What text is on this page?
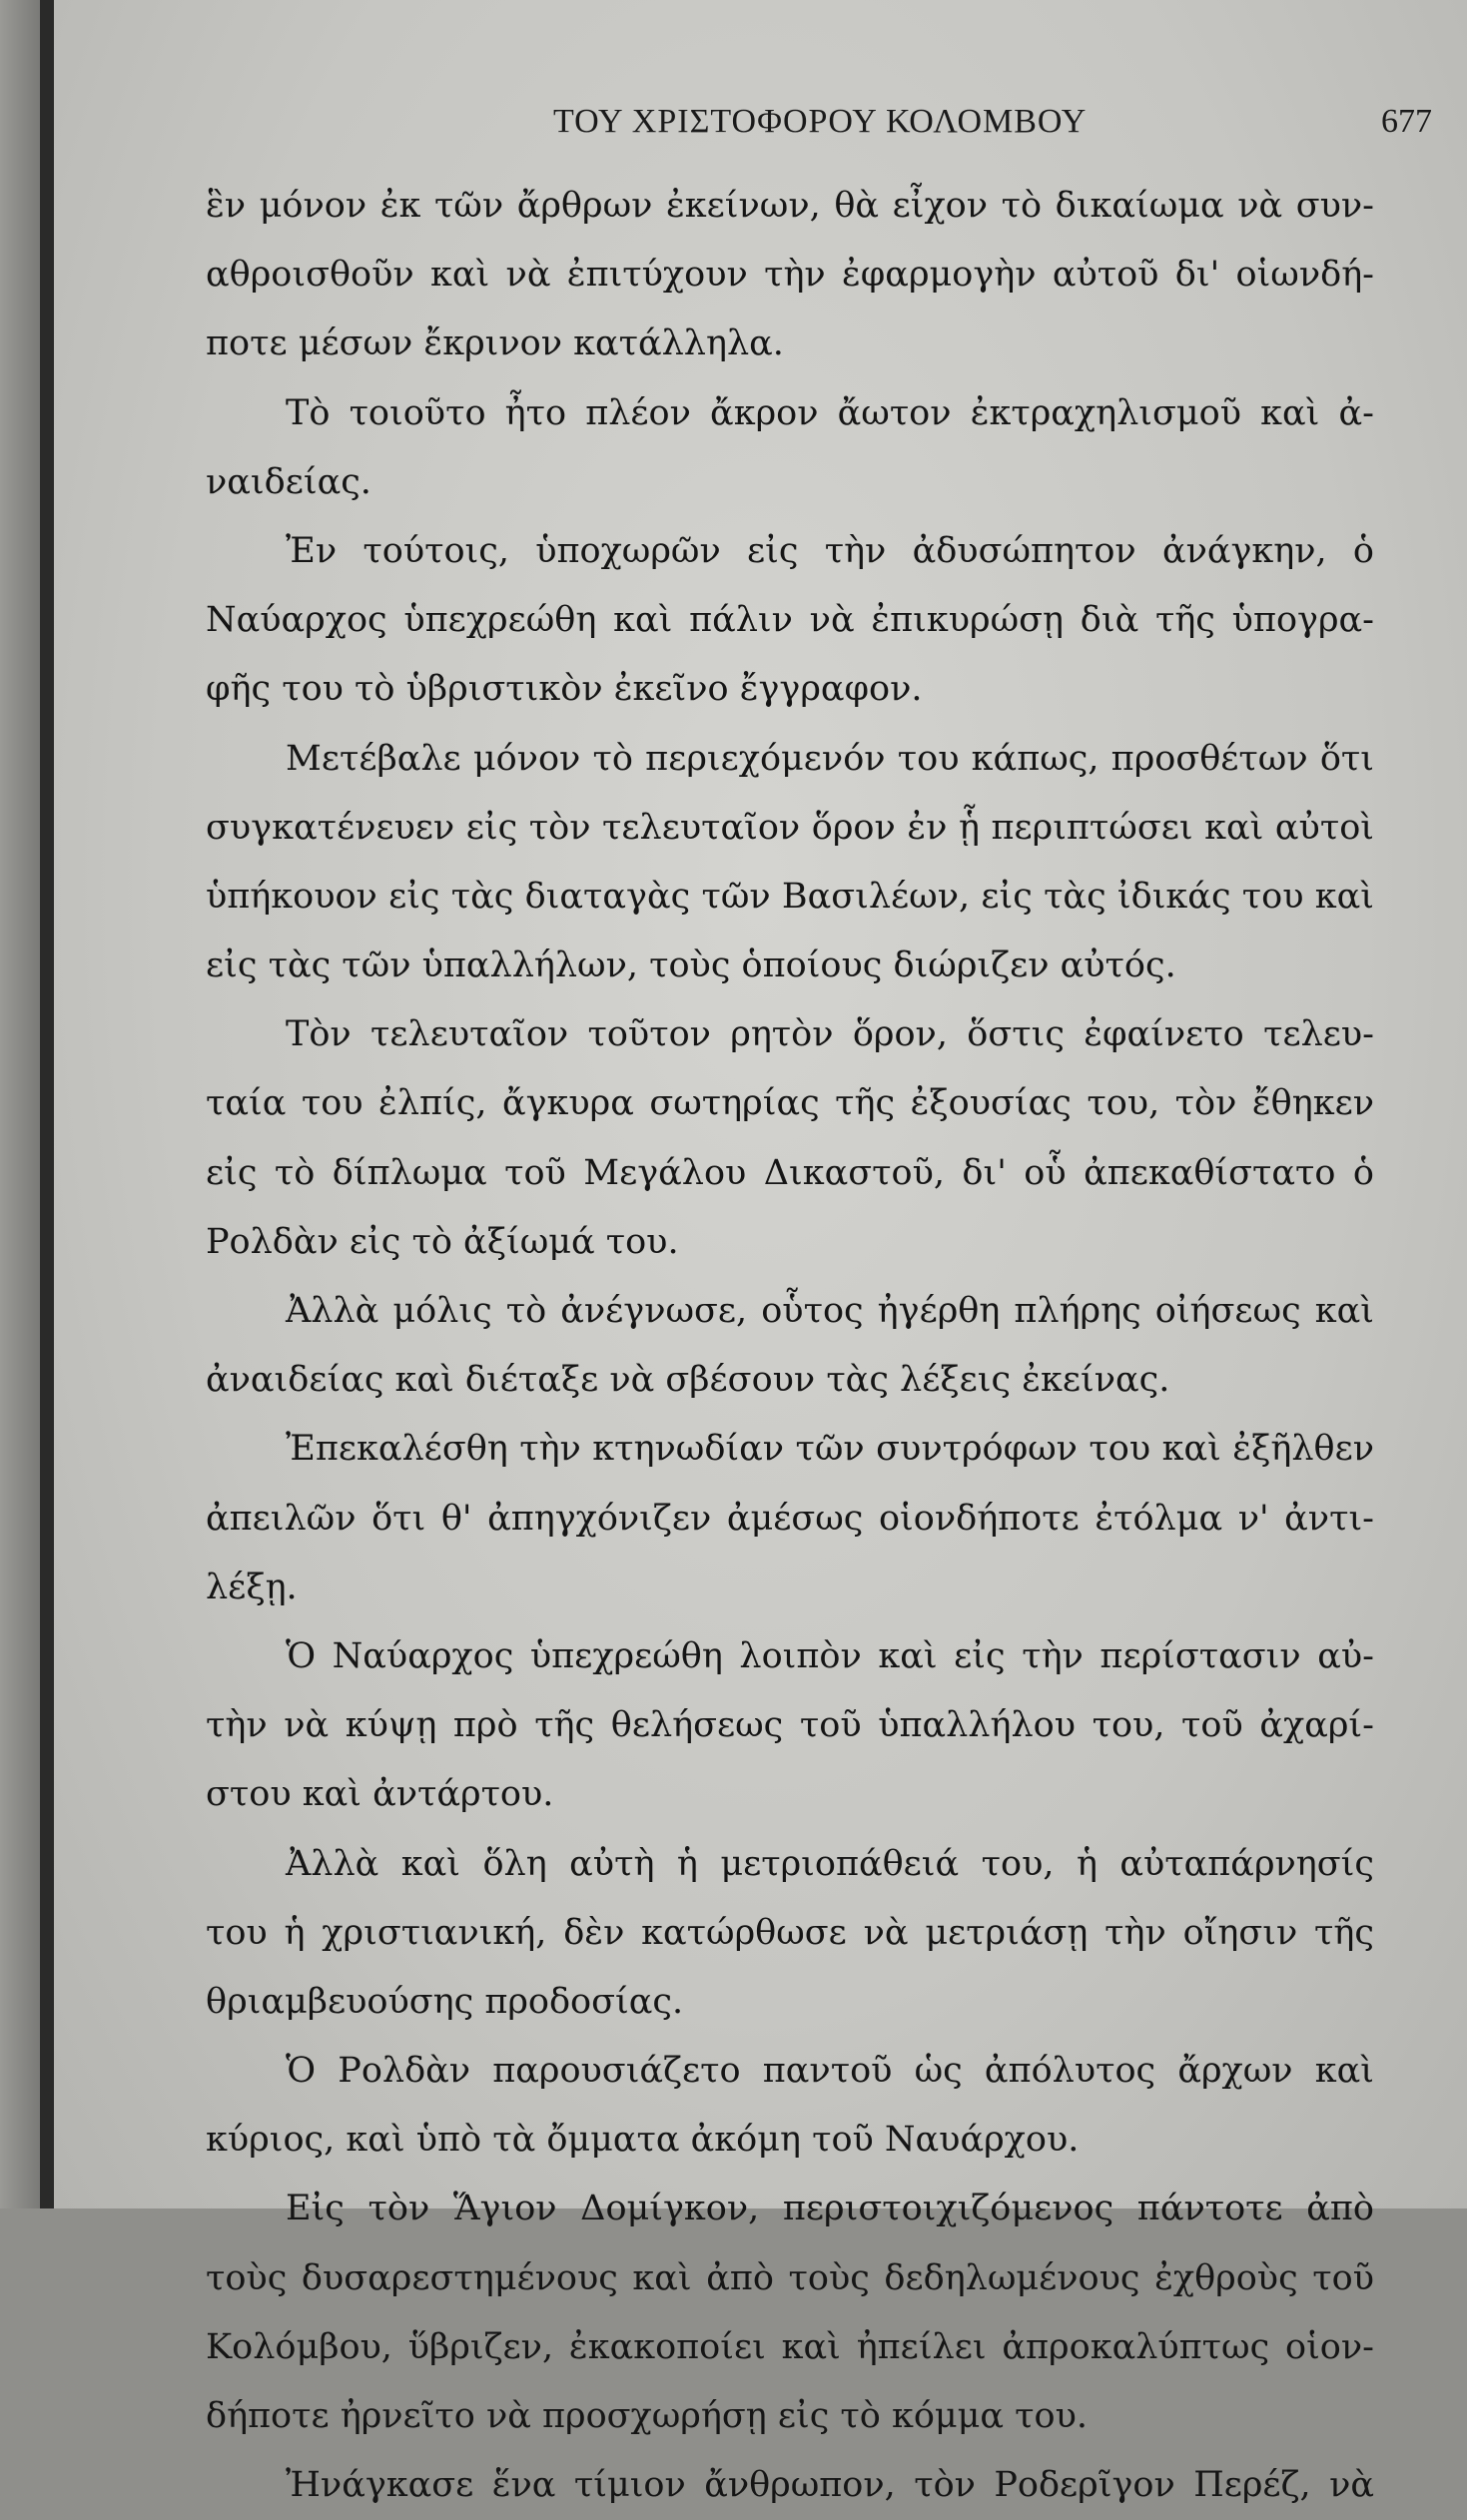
ΤΟΥ ΧΡΙΣΤΟΦΟΡΟΥ ΚΟΛΟΜΒΟΥ	677
ἓν μόνον ἐκ τῶν ἄρθρων ἐκείνων, θὰ εἶχον τὸ δικαίωμα νὰ συν-
αθροισθοῦν καὶ νὰ ἐπιτύχουν τὴν ἐφαρμογὴν αὐτοῦ δι' οἱωνδή-
ποτε μέσων ἔκρινον κατάλληλα.
Τὸ τοιοῦτο ἦτο πλέον ἄκρον ἄωτον ἐκτραχηλισμοῦ καὶ ἀ-
ναιδείας.
Ἐν τούτοις, ὑποχωρῶν εἰς τὴν ἀδυσώπητον ἀνάγκην, ὁ
Ναύαρχος ὑπεχρεώθη καὶ πάλιν νὰ ἐπικυρώσῃ διὰ τῆς ὑπογρα-
φῆς του τὸ ὑβριστικὸν ἐκεῖνο ἔγγραφον.
Μετέβαλε μόνον τὸ περιεχόμενόν του κάπως, προσθέτων ὅτι
συγκατένευεν εἰς τὸν τελευταῖον ὅρον ἐν ᾗ περιπτώσει καὶ αὐτοὶ
ὑπήκουον εἰς τὰς διαταγὰς τῶν Βασιλέων, εἰς τὰς ἰδικάς του καὶ
εἰς τὰς τῶν ὑπαλλήλων, τοὺς ὁποίους διώριζεν αὐτός.
Τὸν τελευταῖον τοῦτον ρητὸν ὅρον, ὅστις ἐφαίνετο τελευ-
ταία του ἐλπίς, ἄγκυρα σωτηρίας τῆς ἐξουσίας του, τὸν ἔθηκεν
εἰς τὸ δίπλωμα τοῦ Μεγάλου Δικαστοῦ, δι' οὗ ἀπεκαθίστατο ὁ
Ρολδὰν εἰς τὸ ἀξίωμά του.
Ἀλλὰ μόλις τὸ ἀνέγνωσε, οὗτος ἠγέρθη πλήρης οἰήσεως καὶ
ἀναιδείας καὶ διέταξε νὰ σβέσουν τὰς λέξεις ἐκείνας.
Ἐπεκαλέσθη τὴν κτηνωδίαν τῶν συντρόφων του καὶ ἐξῆλθεν
ἀπειλῶν ὅτι θ' ἀπηγχόνιζεν ἀμέσως οἱονδήποτε ἐτόλμα ν' ἀντι-
λέξῃ.
Ὁ Ναύαρχος ὑπεχρεώθη λοιπὸν καὶ εἰς τὴν περίστασιν αὐ-
τὴν νὰ κύψῃ πρὸ τῆς θελήσεως τοῦ ὑπαλλήλου του, τοῦ ἀχαρί-
στου καὶ ἀντάρτου.
Ἀλλὰ καὶ ὅλη αὐτὴ ἡ μετριοπάθειά του, ἡ αὐταπάρνησίς
του ἡ χριστιανική, δὲν κατώρθωσε νὰ μετριάσῃ τὴν οἴησιν τῆς
θριαμβευούσης προδοσίας.
Ὁ Ρολδὰν παρουσιάζετο παντοῦ ὡς ἀπόλυτος ἄρχων καὶ
κύριος, καὶ ὑπὸ τὰ ὄμματα ἀκόμη τοῦ Ναυάρχου.
Εἰς τὸν Ἅγιον Δομίγκον, περιστοιχιζόμενος πάντοτε ἀπὸ
τοὺς δυσαρεστημένους καὶ ἀπὸ τοὺς δεδηλωμένους ἐχθροὺς τοῦ
Κολόμβου, ὕβριζεν, ἐκακοποίει καὶ ἠπείλει ἀπροκαλύπτως οἱον-
δήποτε ἠρνεῖτο νὰ προσχωρήσῃ εἰς τὸ κόμμα του.
Ἠνάγκασε ἕνα τίμιον ἄνθρωπον, τὸν Ροδερῖγον Περέζ, νὰ
